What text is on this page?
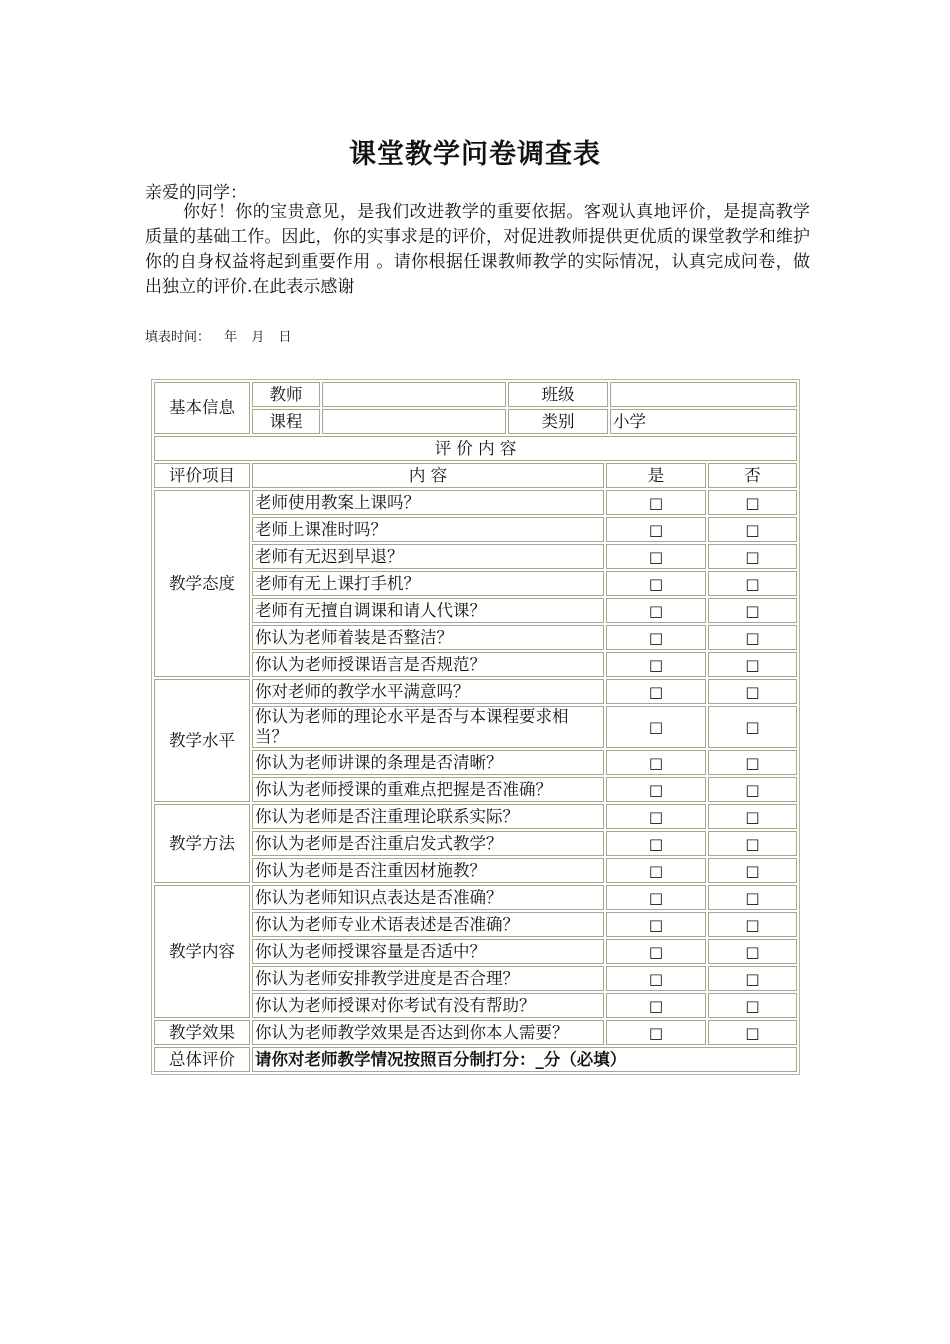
课堂教学问卷调查表
亲爱的同学：
你好！你的宝贵意见，是我们改进教学的重要依据。客观认真地评价，是提高教学质量的基础工作。因此，你的实事求是的评价，对促进教师提供更优质的课堂教学和维护你的自身权益将起到重要作用 。请你根据任课教师教学的实际情况，认真完成问卷，做出独立的评价.在此表示感谢
填表时间： 年 月 日
基本信息	教师		班级			
	课程		类别		小学	
评 价 内 容						
评价项目	内 容			是		否
教学态度	老师使用教案上课吗？			□		□
	老师上课准时吗？			□		□
	老师有无迟到早退？			□		□
	老师有无上课打手机？			□		□
	老师有无擅自调课和请人代课？			□		□
	你认为老师着装是否整洁？			□		□
	你认为老师授课语言是否规范？			□		□
教学水平	你对老师的教学水平满意吗？			□		□
	你认为老师的理论水平是否与本课程要求相当？			□		□
	你认为老师讲课的条理是否清晰？			□		□
	你认为老师授课的重难点把握是否准确？			□		□
教学方法	你认为老师是否注重理论联系实际？			□		□
	你认为老师是否注重启发式教学？			□		□
	你认为老师是否注重因材施教？			□		□
教学内容	你认为老师知识点表达是否准确？			□		□
	你认为老师专业术语表述是否准确？			□		□
	你认为老师授课容量是否适中？			□		□
	你认为老师安排教学进度是否合理？			□		□
	你认为老师授课对你考试有没有帮助？			□		□
教学效果	你认为老师教学效果是否达到你本人需要？			□		□
总体评价	请你对老师教学情况按照百分制打分：_分（必填）					
